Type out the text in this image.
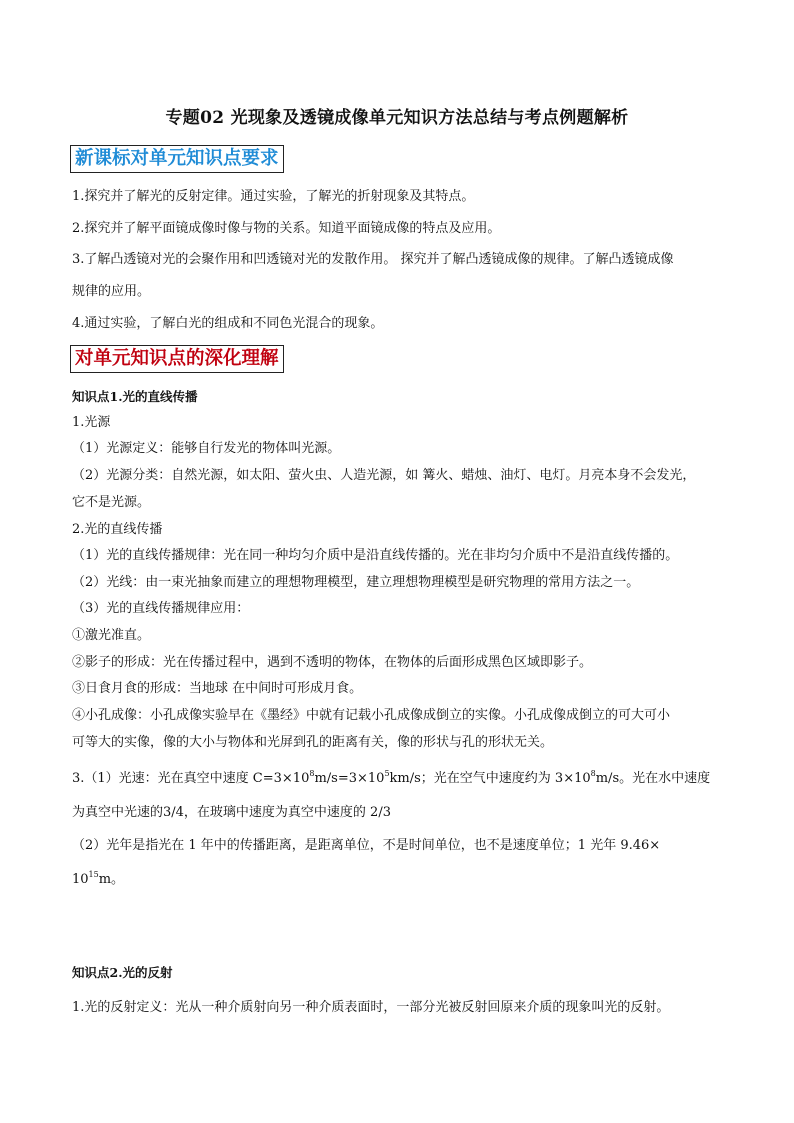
专题02 光现象及透镜成像单元知识方法总结与考点例题解析
新课标对单元知识点要求
1.探究并了解光的反射定律。通过实验，了解光的折射现象及其特点。
2.探究并了解平面镜成像时像与物的关系。知道平面镜成像的特点及应用。
3.了解凸透镜对光的会聚作用和凹透镜对光的发散作用。 探究并了解凸透镜成像的规律。了解凸透镜成像
规律的应用。
4.通过实验，了解白光的组成和不同色光混合的现象。
对单元知识点的深化理解
知识点1.光的直线传播
1.光源
（1）光源定义：能够自行发光的物体叫光源。
（2）光源分类：自然光源，如太阳、萤火虫、人造光源，如 篝火、蜡烛、油灯、电灯。月亮本身不会发光，
它不是光源。
2.光的直线传播
（1）光的直线传播规律：光在同一种均匀介质中是沿直线传播的。光在非均匀介质中不是沿直线传播的。
（2）光线：由一束光抽象而建立的理想物理模型，建立理想物理模型是研究物理的常用方法之一。
（3）光的直线传播规律应用：
①激光准直。
②影子的形成：光在传播过程中，遇到不透明的物体，在物体的后面形成黑色区域即影子。
③日食月食的形成：当地球 在中间时可形成月食。
④小孔成像：小孔成像实验早在《墨经》中就有记载小孔成像成倒立的实像。小孔成像成倒立的可大可小
可等大的实像，像的大小与物体和光屏到孔的距离有关，像的形状与孔的形状无关。
3.（1）光速：光在真空中速度 $C=3\times 10^8m/s=3\times 10^5km/s$；光在空气中速度约为 $3\times 10^8m/s$。光在水中速度
为真空中光速的3/4，在玻璃中速度为真空中速度的 2/3
（2）光年是指光在 1 年中的传播距离，是距离单位，不是时间单位，也不是速度单位；1 光年 9.46×
$10^{15}m$。
知识点2.光的反射
1.光的反射定义：光从一种介质射向另一种介质表面时，一部分光被反射回原来介质的现象叫光的反射。
